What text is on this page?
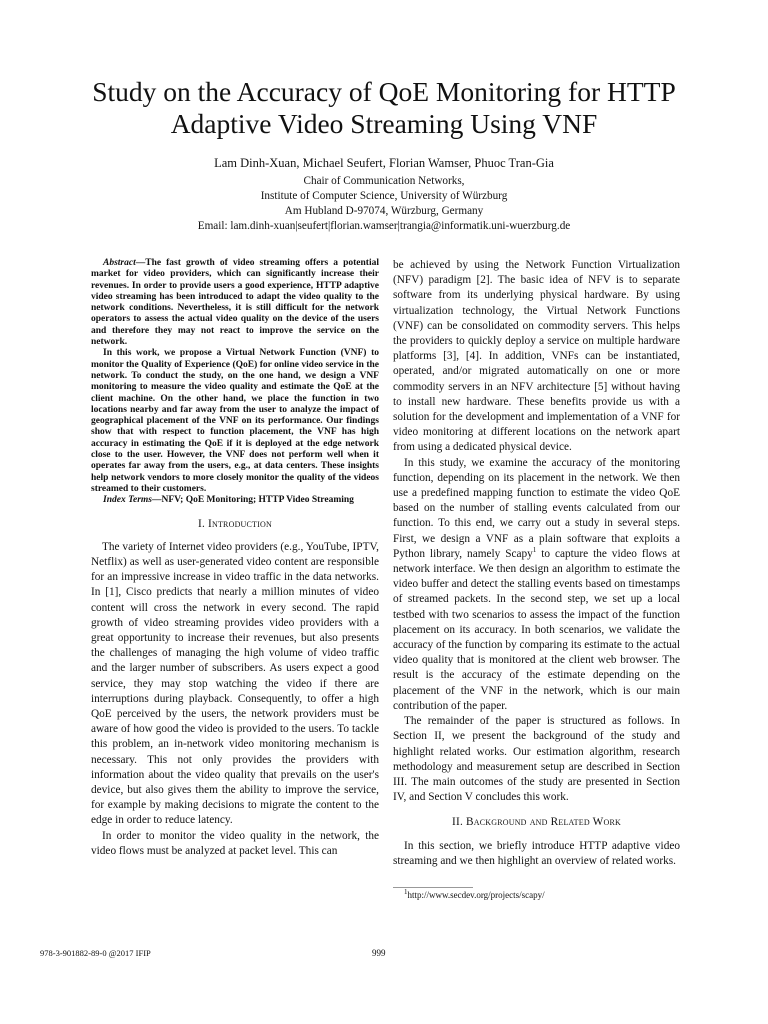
Study on the Accuracy of QoE Monitoring for HTTP Adaptive Video Streaming Using VNF
Lam Dinh-Xuan, Michael Seufert, Florian Wamser, Phuoc Tran-Gia
Chair of Communication Networks,
Institute of Computer Science, University of Würzburg
Am Hubland D-97074, Würzburg, Germany
Email: lam.dinh-xuan|seufert|florian.wamser|trangia@informatik.uni-wuerzburg.de

Abstract—The fast growth of video streaming offers a potential market for video providers, which can significantly increase their revenues. In order to provide users a good experience, HTTP adaptive video streaming has been introduced to adapt the video quality to the network conditions. Nevertheless, it is still difficult for the network operators to assess the actual video quality on the device of the users and therefore they may not react to improve the service on the network.

In this work, we propose a Virtual Network Function (VNF) to monitor the Quality of Experience (QoE) for online video service in the network. To conduct the study, on the one hand, we design a VNF monitoring to measure the video quality and estimate the QoE at the client machine. On the other hand, we place the function in two locations nearby and far away from the user to analyze the impact of geographical placement of the VNF on its performance. Our findings show that with respect to function placement, the VNF has high accuracy in estimating the QoE if it is deployed at the edge network close to the user. However, the VNF does not perform well when it operates far away from the users, e.g., at data centers. These insights help network vendors to more closely monitor the quality of the videos streamed to their customers.

Index Terms—NFV; QoE Monitoring; HTTP Video Streaming

I. Introduction

The variety of Internet video providers (e.g., YouTube, IPTV, Netflix) as well as user-generated video content are responsible for an impressive increase in video traffic in the data networks. In [1], Cisco predicts that nearly a million minutes of video content will cross the network in every second. The rapid growth of video streaming provides video providers with a great opportunity to increase their revenues, but also presents the challenges of managing the high volume of video traffic and the larger number of subscribers. As users expect a good service, they may stop watching the video if there are interruptions during playback. Consequently, to offer a high QoE perceived by the users, the network providers must be aware of how good the video is provided to the users. To tackle this problem, an in-network video monitoring mechanism is necessary. This not only provides the providers with information about the video quality that prevails on the user's device, but also gives them the ability to improve the service, for example by making decisions to migrate the content to the edge in order to reduce latency.

In order to monitor the video quality in the network, the video flows must be analyzed at packet level. This can

be achieved by using the Network Function Virtualization (NFV) paradigm [2]. The basic idea of NFV is to separate software from its underlying physical hardware. By using virtualization technology, the Virtual Network Functions (VNF) can be consolidated on commodity servers. This helps the providers to quickly deploy a service on multiple hardware platforms [3], [4]. In addition, VNFs can be instantiated, operated, and/or migrated automatically on one or more commodity servers in an NFV architecture [5] without having to install new hardware. These benefits provide us with a solution for the development and implementation of a VNF for video monitoring at different locations on the network apart from using a dedicated physical device.

In this study, we examine the accuracy of the monitoring function, depending on its placement in the network. We then use a predefined mapping function to estimate the video QoE based on the number of stalling events calculated from our function. To this end, we carry out a study in several steps. First, we design a VNF as a plain software that exploits a Python library, namely Scapy$^1$ to capture the video flows at network interface. We then design an algorithm to estimate the video buffer and detect the stalling events based on timestamps of streamed packets. In the second step, we set up a local testbed with two scenarios to assess the impact of the function placement on its accuracy. In both scenarios, we validate the accuracy of the function by comparing its estimate to the actual video quality that is monitored at the client web browser. The result is the accuracy of the estimate depending on the placement of the VNF in the network, which is our main contribution of the paper.

The remainder of the paper is structured as follows. In Section II, we present the background of the study and highlight related works. Our estimation algorithm, research methodology and measurement setup are described in Section III. The main outcomes of the study are presented in Section IV, and Section V concludes this work.

II. Background and Related Work

In this section, we briefly introduce HTTP adaptive video streaming and we then highlight an overview of related works.

$^1$http://www.secdev.org/projects/scapy/
978-3-901882-89-0 @2017 IFIP	999
